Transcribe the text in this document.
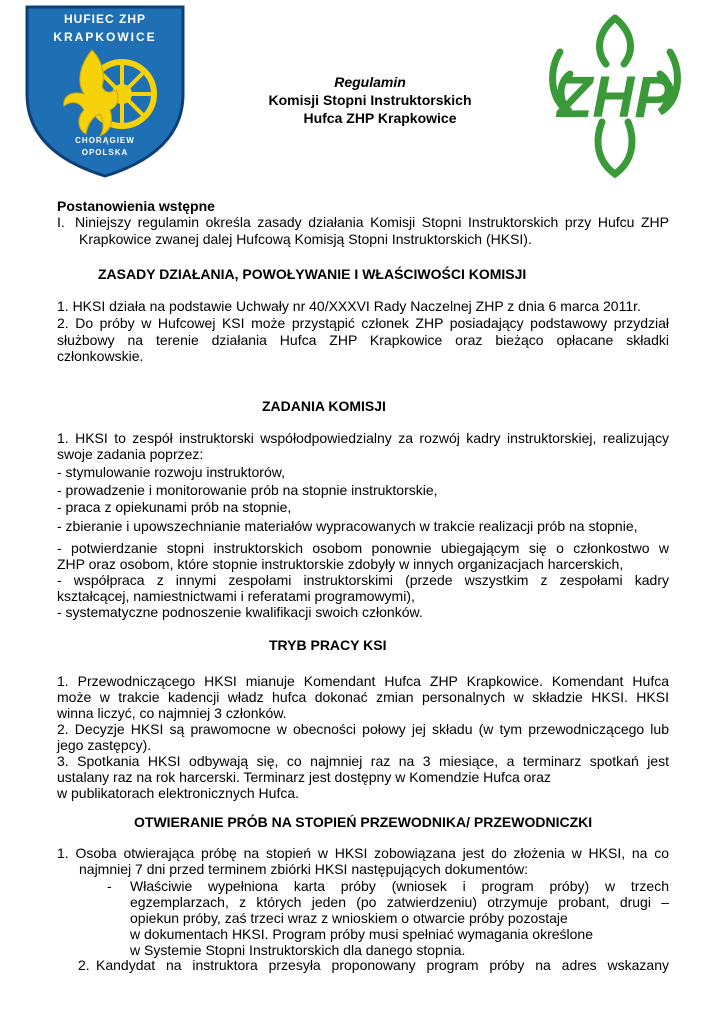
HUFIEC ZHP
KRAPKOWICE
CHORĄGIEW
OPOLSKA
ZHP
Regulamin
Komisji Stopni Instruktorskich
Hufca ZHP Krapkowice
Postanowienia wstępne
I. Niniejszy regulamin określa zasady działania Komisji Stopni Instruktorskich przy Hufcu ZHP
Krapkowice zwanej dalej Hufcową Komisją Stopni Instruktorskich (HKSI).
ZASADY DZIAŁANIA, POWOŁYWANIE I WŁAŚCIWOŚCI KOMISJI
1. HKSI działa na podstawie Uchwały nr 40/XXXVI Rady Naczelnej ZHP z dnia 6 marca 2011r.
2. Do próby w Hufcowej KSI może przystąpić członek ZHP posiadający podstawowy przydział
służbowy na terenie działania Hufca ZHP Krapkowice oraz bieżąco opłacane składki
członkowskie.
ZADANIA KOMISJI
1. HKSI to zespół instruktorski współodpowiedzialny za rozwój kadry instruktorskiej, realizujący
swoje zadania poprzez:
- stymulowanie rozwoju instruktorów,
- prowadzenie i monitorowanie prób na stopnie instruktorskie,
- praca z opiekunami prób na stopnie,
- zbieranie i upowszechnianie materiałów wypracowanych w trakcie realizacji prób na stopnie,
- potwierdzanie stopni instruktorskich osobom ponownie ubiegającym się o członkostwo w
ZHP oraz osobom, które stopnie instruktorskie zdobyły w innych organizacjach harcerskich,
- współpraca z innymi zespołami instruktorskimi (przede wszystkim z zespołami kadry
kształcącej, namiestnictwami i referatami programowymi),
- systematyczne podnoszenie kwalifikacji swoich członków.
TRYB PRACY KSI
1. Przewodniczącego HKSI mianuje Komendant Hufca ZHP Krapkowice. Komendant Hufca
może w trakcie kadencji władz hufca dokonać zmian personalnych w składzie HKSI. HKSI
winna liczyć, co najmniej 3 członków.
2. Decyzje HKSI są prawomocne w obecności połowy jej składu (w tym przewodniczącego lub
jego zastępcy).
3. Spotkania HKSI odbywają się, co najmniej raz na 3 miesiące, a terminarz spotkań jest
ustalany raz na rok harcerski. Terminarz jest dostępny w Komendzie Hufca oraz
w publikatorach elektronicznych Hufca.
OTWIERANIE PRÓB NA STOPIEŃ PRZEWODNIKA/ PRZEWODNICZKI
1. Osoba otwierająca próbę na stopień w HKSI zobowiązana jest do złożenia w HKSI, na co
najmniej 7 dni przed terminem zbiórki HKSI następujących dokumentów:
- Właściwie wypełniona karta próby (wniosek i program próby) w trzech
egzemplarzach, z których jeden (po zatwierdzeniu) otrzymuje probant, drugi –
opiekun próby, zaś trzeci wraz z wnioskiem o otwarcie próby pozostaje
w dokumentach HKSI. Program próby musi spełniać wymagania określone
w Systemie Stopni Instruktorskich dla danego stopnia.
2. Kandydat na instruktora przesyła proponowany program próby na adres wskazany
